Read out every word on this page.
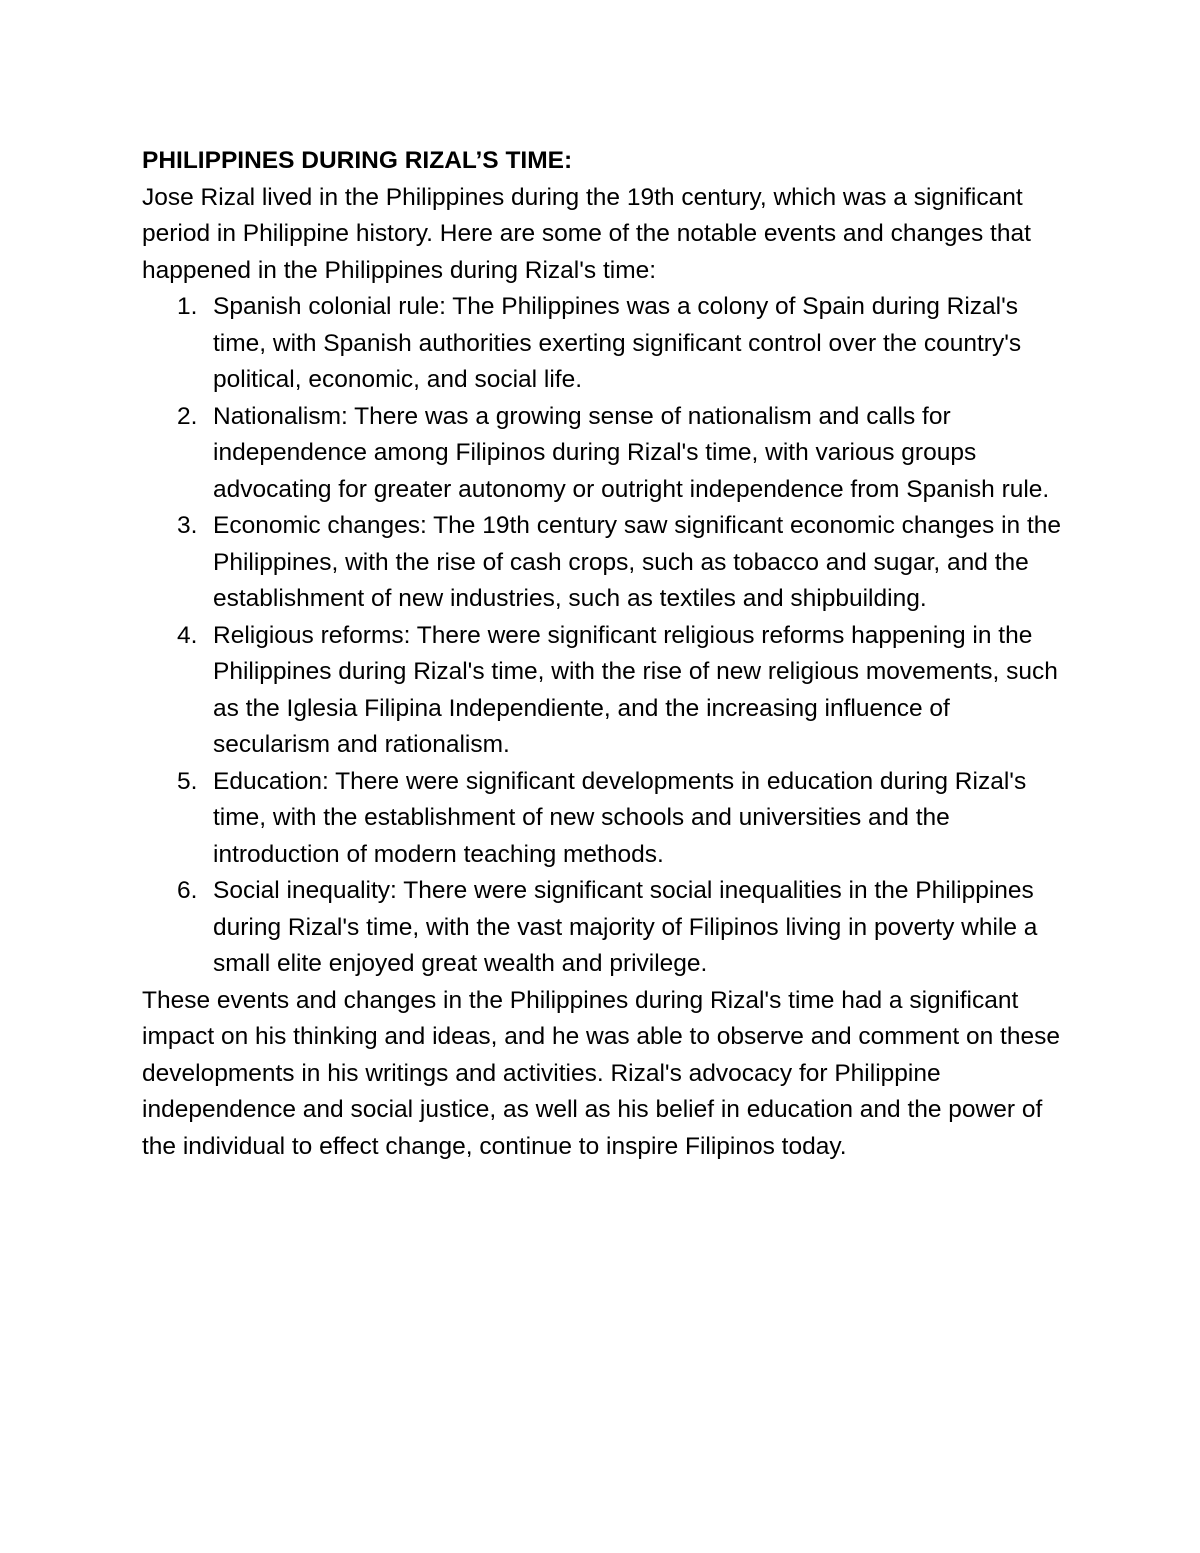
PHILIPPINES DURING RIZAL’S TIME:

Jose Rizal lived in the Philippines during the 19th century, which was a significant period in Philippine history. Here are some of the notable events and changes that happened in the Philippines during Rizal's time:

1. Spanish colonial rule: The Philippines was a colony of Spain during Rizal's time, with Spanish authorities exerting significant control over the country's political, economic, and social life.
2. Nationalism: There was a growing sense of nationalism and calls for independence among Filipinos during Rizal's time, with various groups advocating for greater autonomy or outright independence from Spanish rule.
3. Economic changes: The 19th century saw significant economic changes in the Philippines, with the rise of cash crops, such as tobacco and sugar, and the establishment of new industries, such as textiles and shipbuilding.
4. Religious reforms: There were significant religious reforms happening in the Philippines during Rizal's time, with the rise of new religious movements, such as the Iglesia Filipina Independiente, and the increasing influence of secularism and rationalism.
5. Education: There were significant developments in education during Rizal's time, with the establishment of new schools and universities and the introduction of modern teaching methods.
6. Social inequality: There were significant social inequalities in the Philippines during Rizal's time, with the vast majority of Filipinos living in poverty while a small elite enjoyed great wealth and privilege.

These events and changes in the Philippines during Rizal's time had a significant impact on his thinking and ideas, and he was able to observe and comment on these developments in his writings and activities. Rizal's advocacy for Philippine independence and social justice, as well as his belief in education and the power of the individual to effect change, continue to inspire Filipinos today.
